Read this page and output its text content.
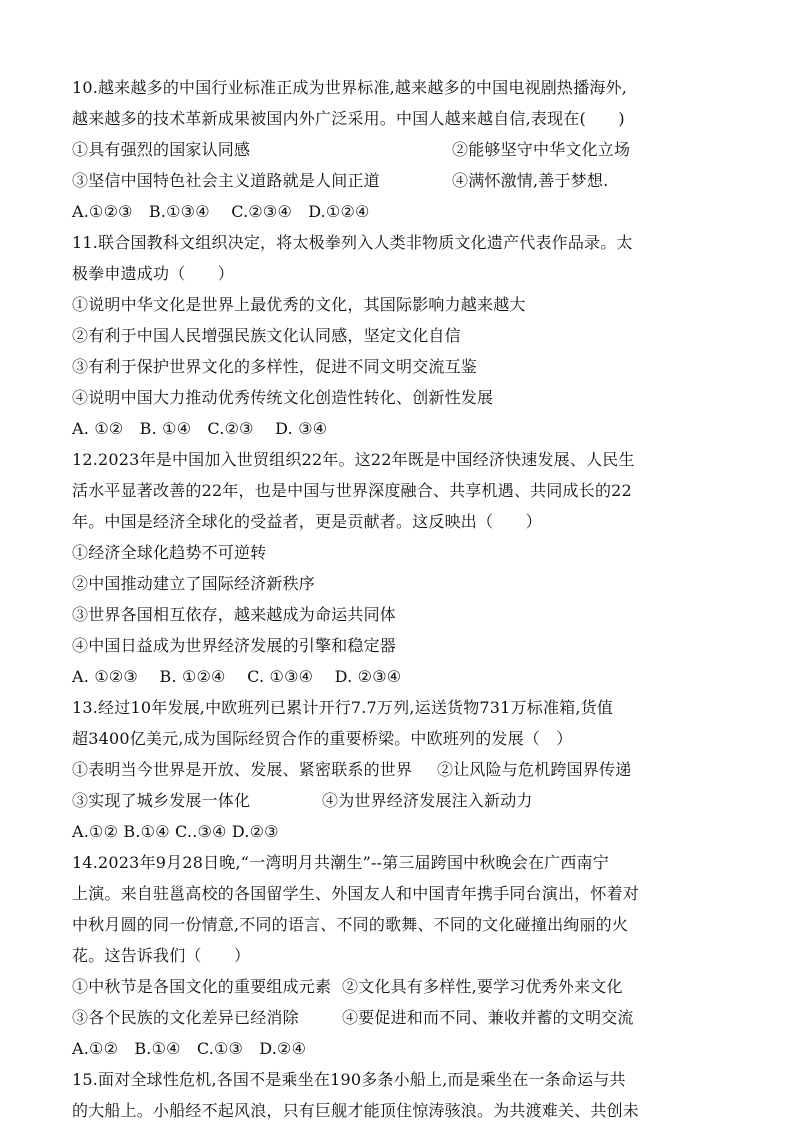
10.越来越多的中国行业标准正成为世界标准,越来越多的中国电视剧热播海外,
越来越多的技术革新成果被国内外广泛采用。中国人越来越自信,表现在(　　)
①具有强烈的国家认同感	②能够坚守中华文化立场
③坚信中国特色社会主义道路就是人间正道	④满怀激情,善于梦想.
A.①②③　B.①③④　 C.②③④　D.①②④
11.联合国教科文组织决定，将太极拳列入人类非物质文化遗产代表作品录。太
极拳申遗成功（　　）
①说明中华文化是世界上最优秀的文化，其国际影响力越来越大
②有利于中国人民增强民族文化认同感，坚定文化自信
③有利于保护世界文化的多样性，促进不同文明交流互鉴
④说明中国大力推动优秀传统文化创造性转化、创新性发展
A. ①②　B. ①④　C.②③　 D. ③④
12.2023年是中国加入世贸组织22年。这22年既是中国经济快速发展、人民生
活水平显著改善的22年，也是中国与世界深度融合、共享机遇、共同成长的22
年。中国是经济全球化的受益者，更是贡献者。这反映出（　　）
①经济全球化趋势不可逆转
②中国推动建立了国际经济新秩序
③世界各国相互依存，越来越成为命运共同体
④中国日益成为世界经济发展的引擎和稳定器
A. ①②③　 B. ①②④　 C. ①③④　 D. ②③④
13.经过10年发展,中欧班列已累计开行7.7万列,运送货物731万标准箱,货值
超3400亿美元,成为国际经贸合作的重要桥梁。中欧班列的发展（　）
①表明当今世界是开放、发展、紧密联系的世界	②让风险与危机跨国界传递
③实现了城乡发展一体化	④为世界经济发展注入新动力
A.①② B.①④ C..③④ D.②③
14.2023年9月28日晚,“一湾明月共潮生”--第三届跨国中秋晚会在广西南宁
上演。来自驻邕高校的各国留学生、外国友人和中国青年携手同台演出，怀着对
中秋月圆的同一份情意,不同的语言、不同的歌舞、不同的文化碰撞出绚丽的火
花。这告诉我们（　　）
①中秋节是各国文化的重要组成元素 ②文化具有多样性,要学习优秀外来文化
③各个民族的文化差异已经消除	④要促进和而不同、兼收并蓄的文明交流
A.①②　B.①④　C.①③　D.②④
15.面对全球性危机,各国不是乘坐在190多条小船上,而是乘坐在一条命运与共
的大船上。小船经不起风浪，只有巨舰才能顶住惊涛骇浪。为共渡难关、共创未
